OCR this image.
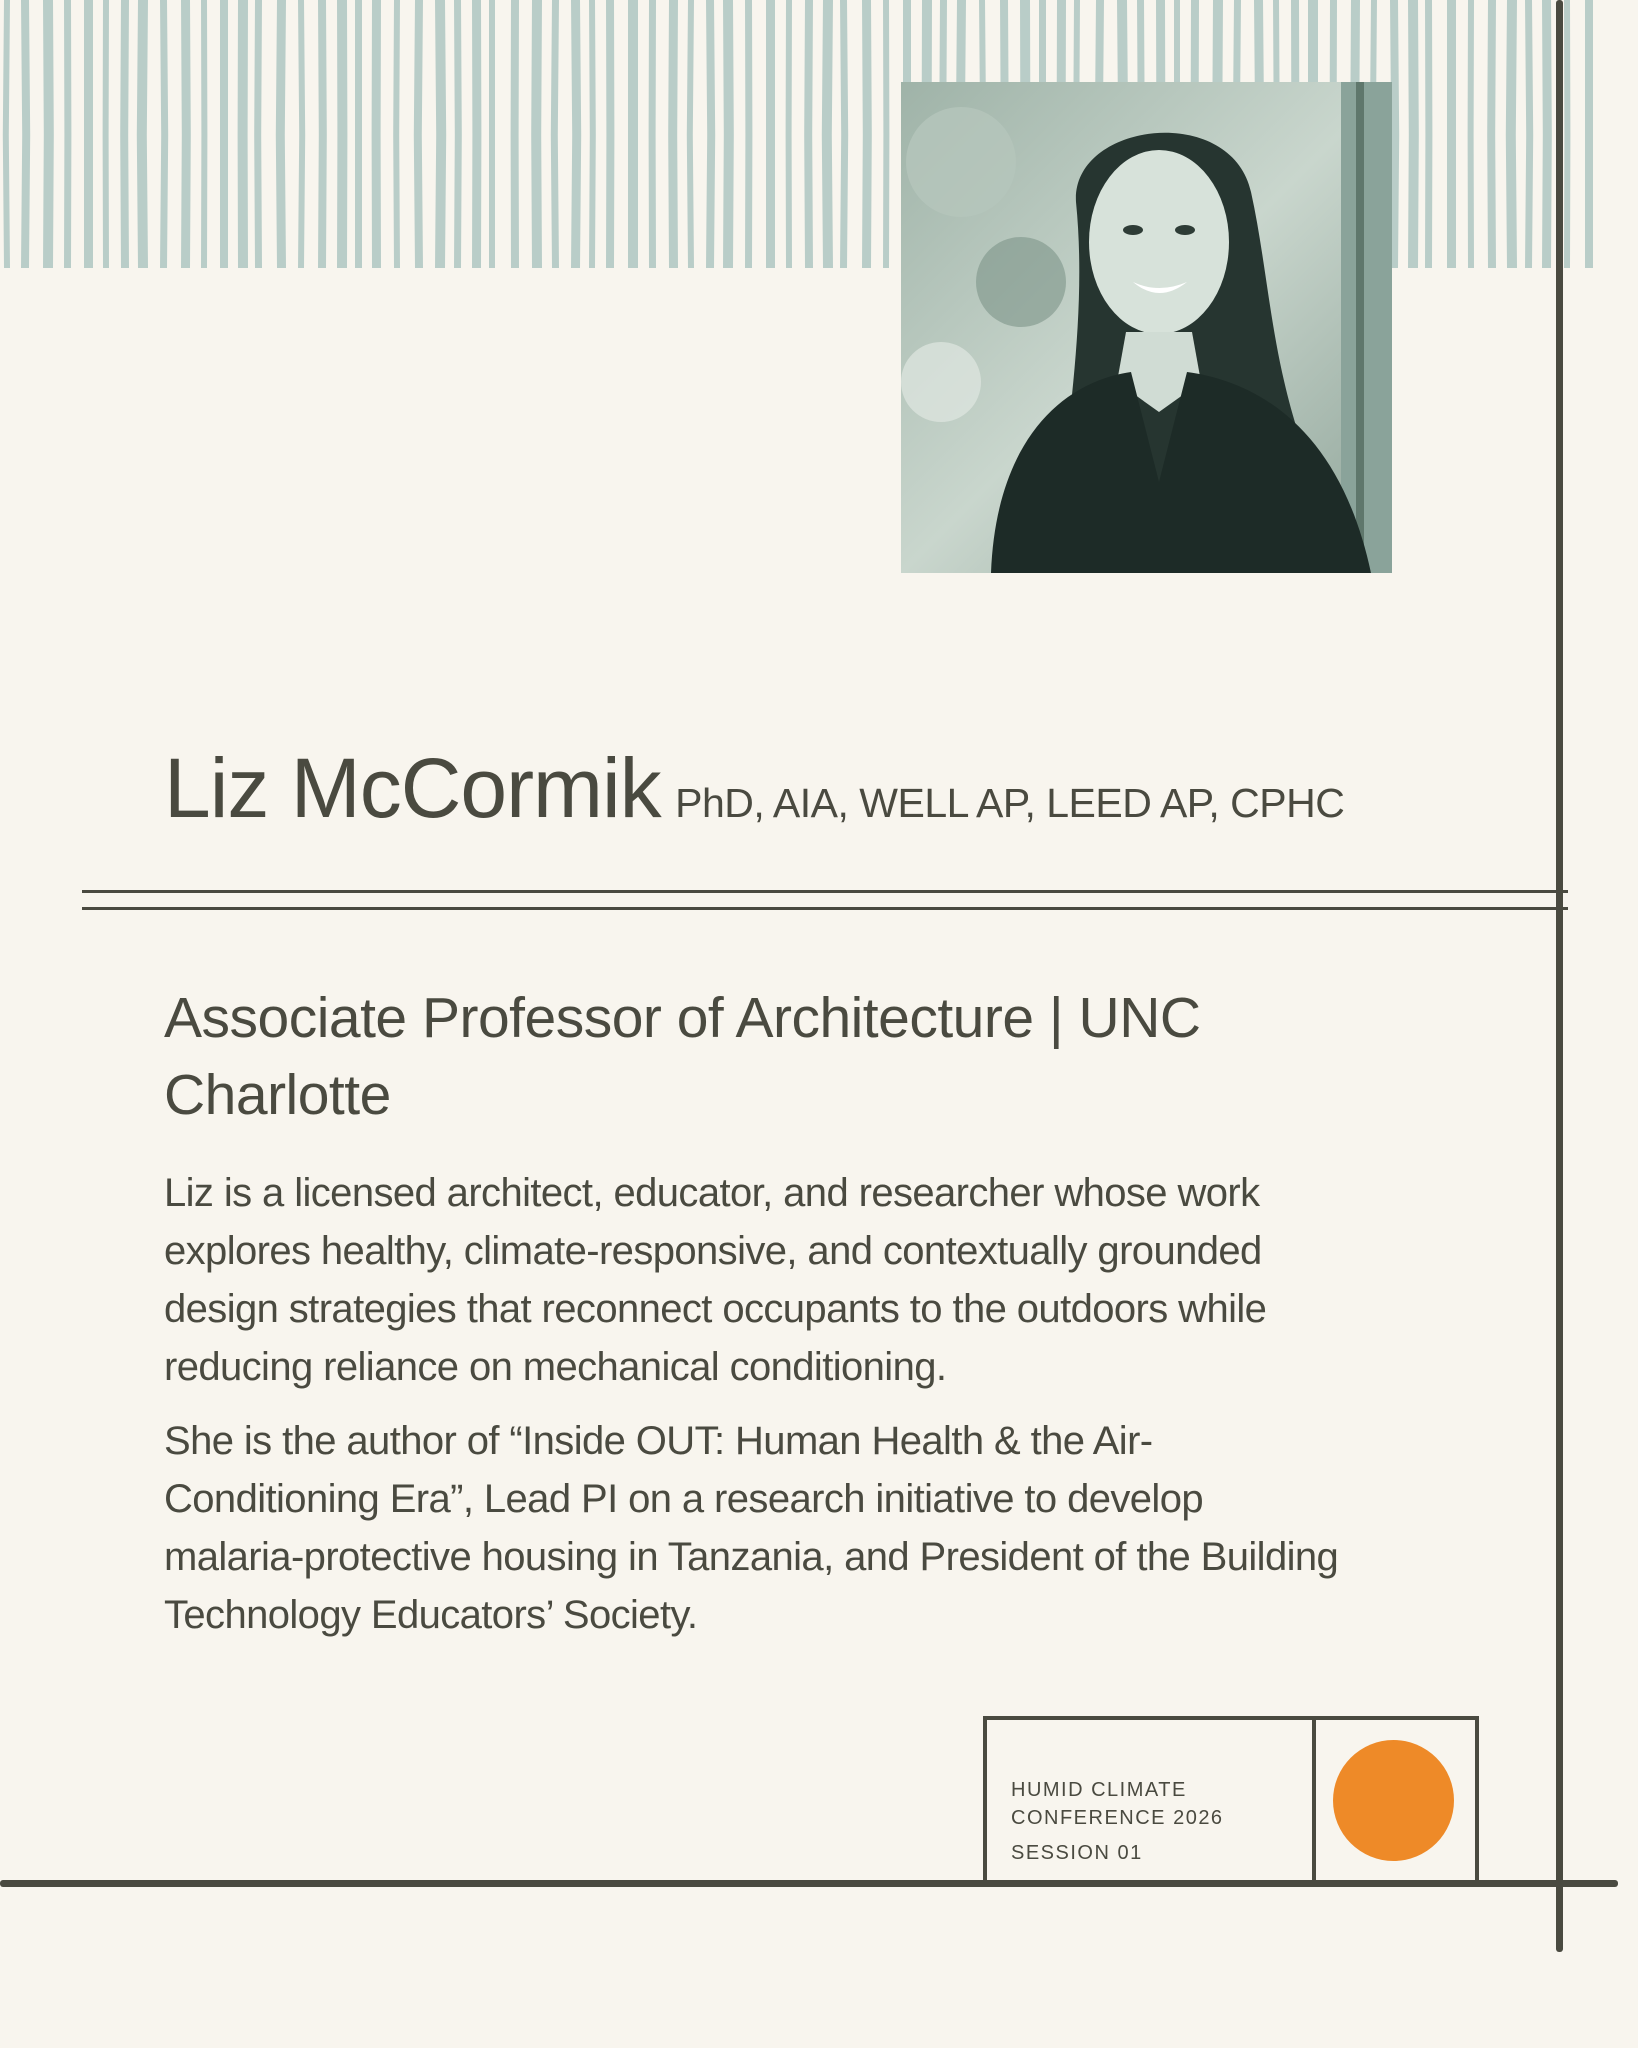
Liz McCormik PhD, AIA, WELL AP, LEED AP, CPHC
Associate Professor of Architecture | UNC Charlotte

Liz is a licensed architect, educator, and researcher whose work explores healthy, climate-responsive, and contextually grounded design strategies that reconnect occupants to the outdoors while reducing reliance on mechanical conditioning.

She is the author of “Inside OUT: Human Health & the Air-Conditioning Era”, Lead PI on a research initiative to develop malaria-protective housing in Tanzania, and President of the Building Technology Educators’ Society.

HUMID CLIMATE
CONFERENCE 2026
SESSION 01
